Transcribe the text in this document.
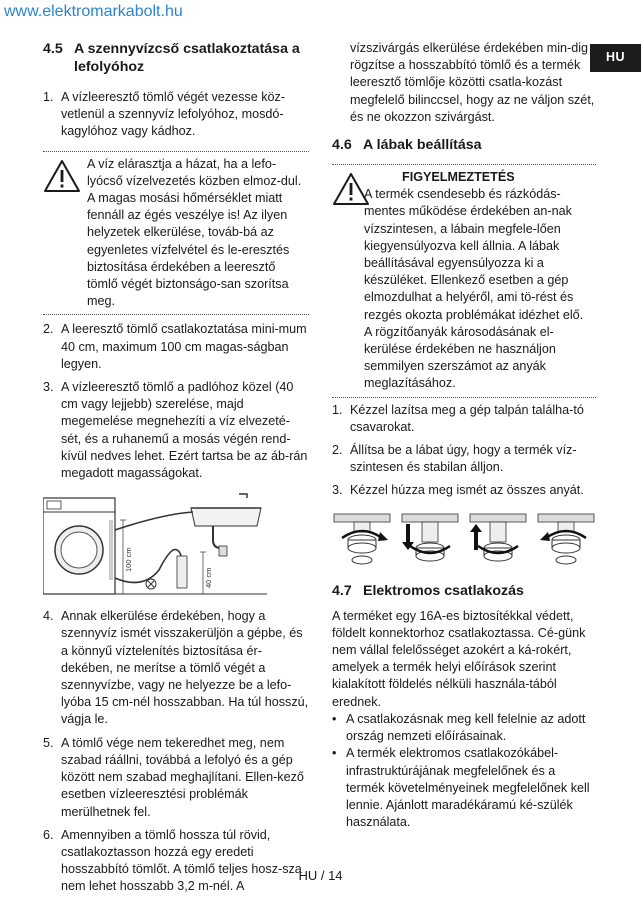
www.elektromarkabolt.hu
HU
4.5 A szennyvízcső csatlakoztatása a lefolyóhoz
1. A vízleeresztő tömlő végét vezesse köz-vetlenül a szennyvíz lefolyóhoz, mosdó-kagylóhoz vagy kádhoz.
A víz elárasztja a házat, ha a lefo-lyócső vízelvezetés közben elmoz-dul. A magas mosási hőmérséklet miatt fennáll az égés veszélye is! Az ilyen helyzetek elkerülése, továb-bá az egyenletes vízfelvétel és le-eresztés biztosítása érdekében a leeresztő tömlő végét biztonságo-san szorítsa meg.
2. A leeresztő tömlő csatlakoztatása mini-mum 40 cm, maximum 100 cm magas-ságban legyen.
3. A vízleeresztő tömlő a padlóhoz közel (40 cm vagy lejjebb) szerelése, majd megemelése megnehezíti a víz elvezeté-sét, és a ruhanemű a mosás végén rend-kívül nedves lehet. Ezért tartsa be az áb-rán megadott magasságokat.
100 cm
40 cm
4. Annak elkerülése érdekében, hogy a szennyvíz ismét visszakerüljön a gépbe, és a könnyű víztelenítés biztosítása ér-dekében, ne merítse a tömlő végét a szennyvízbe, vagy ne helyezze be a lefo-lyóba 15 cm-nél hosszabban. Ha túl hosszú, vágja le.
5. A tömlő vége nem tekeredhet meg, nem szabad ráállni, továbbá a lefolyó és a gép között nem szabad meghajlítani. Ellen-kező esetben vízleeresztési problémák merülhetnek fel.
6. Amennyiben a tömlő hossza túl rövid, csatlakoztasson hozzá egy eredeti hosszabbító tömlőt. A tömlő teljes hosz-sza nem lehet hosszabb 3,2 m-nél. A
vízszivárgás elkerülése érdekében min-dig rögzítse a hosszabbító tömlő és a termék leeresztő tömlője közötti csatla-kozást megfelelő bilinccsel, hogy az ne váljon szét, és ne okozzon szivárgást.
4.6 A lábak beállítása
FIGYELMEZTETÉS
A termék csendesebb és rázkódás-mentes működése érdekében an-nak vízszintesen, a lábain megfele-lően kiegyensúlyozva kell állnia. A lábak beállításával egyensúlyozza ki a készüléket. Ellenkező esetben a gép elmozdulhat a helyéről, ami tö-rést és rezgés okozta problémákat idézhet elő.
A rögzítőanyák károsodásának el-kerülése érdekében ne használjon semmilyen szerszámot az anyák meglazításához.
1. Kézzel lazítsa meg a gép talpán találha-tó csavarokat.
2. Állítsa be a lábat úgy, hogy a termék víz-szintesen és stabilan álljon.
3. Kézzel húzza meg ismét az összes anyát.
4.7 Elektromos csatlakozás

A terméket egy 16A-es biztosítékkal védett, földelt konnektorhoz csatlakoztassa. Cé-günk nem vállal felelősséget azokért a ká-rokért, amelyek a termék helyi előírások szerint kialakított földelés nélküli használa-tából erednek.

• A csatlakozásnak meg kell felelnie az adott ország nemzeti előírásainak.
• A termék elektromos csatlakozókábel-infrastruktúrájának megfelelőnek és a termék követelményeinek megfelelőnek kell lennie. Ajánlott maradékáramú ké-szülék használata.
HU / 14
